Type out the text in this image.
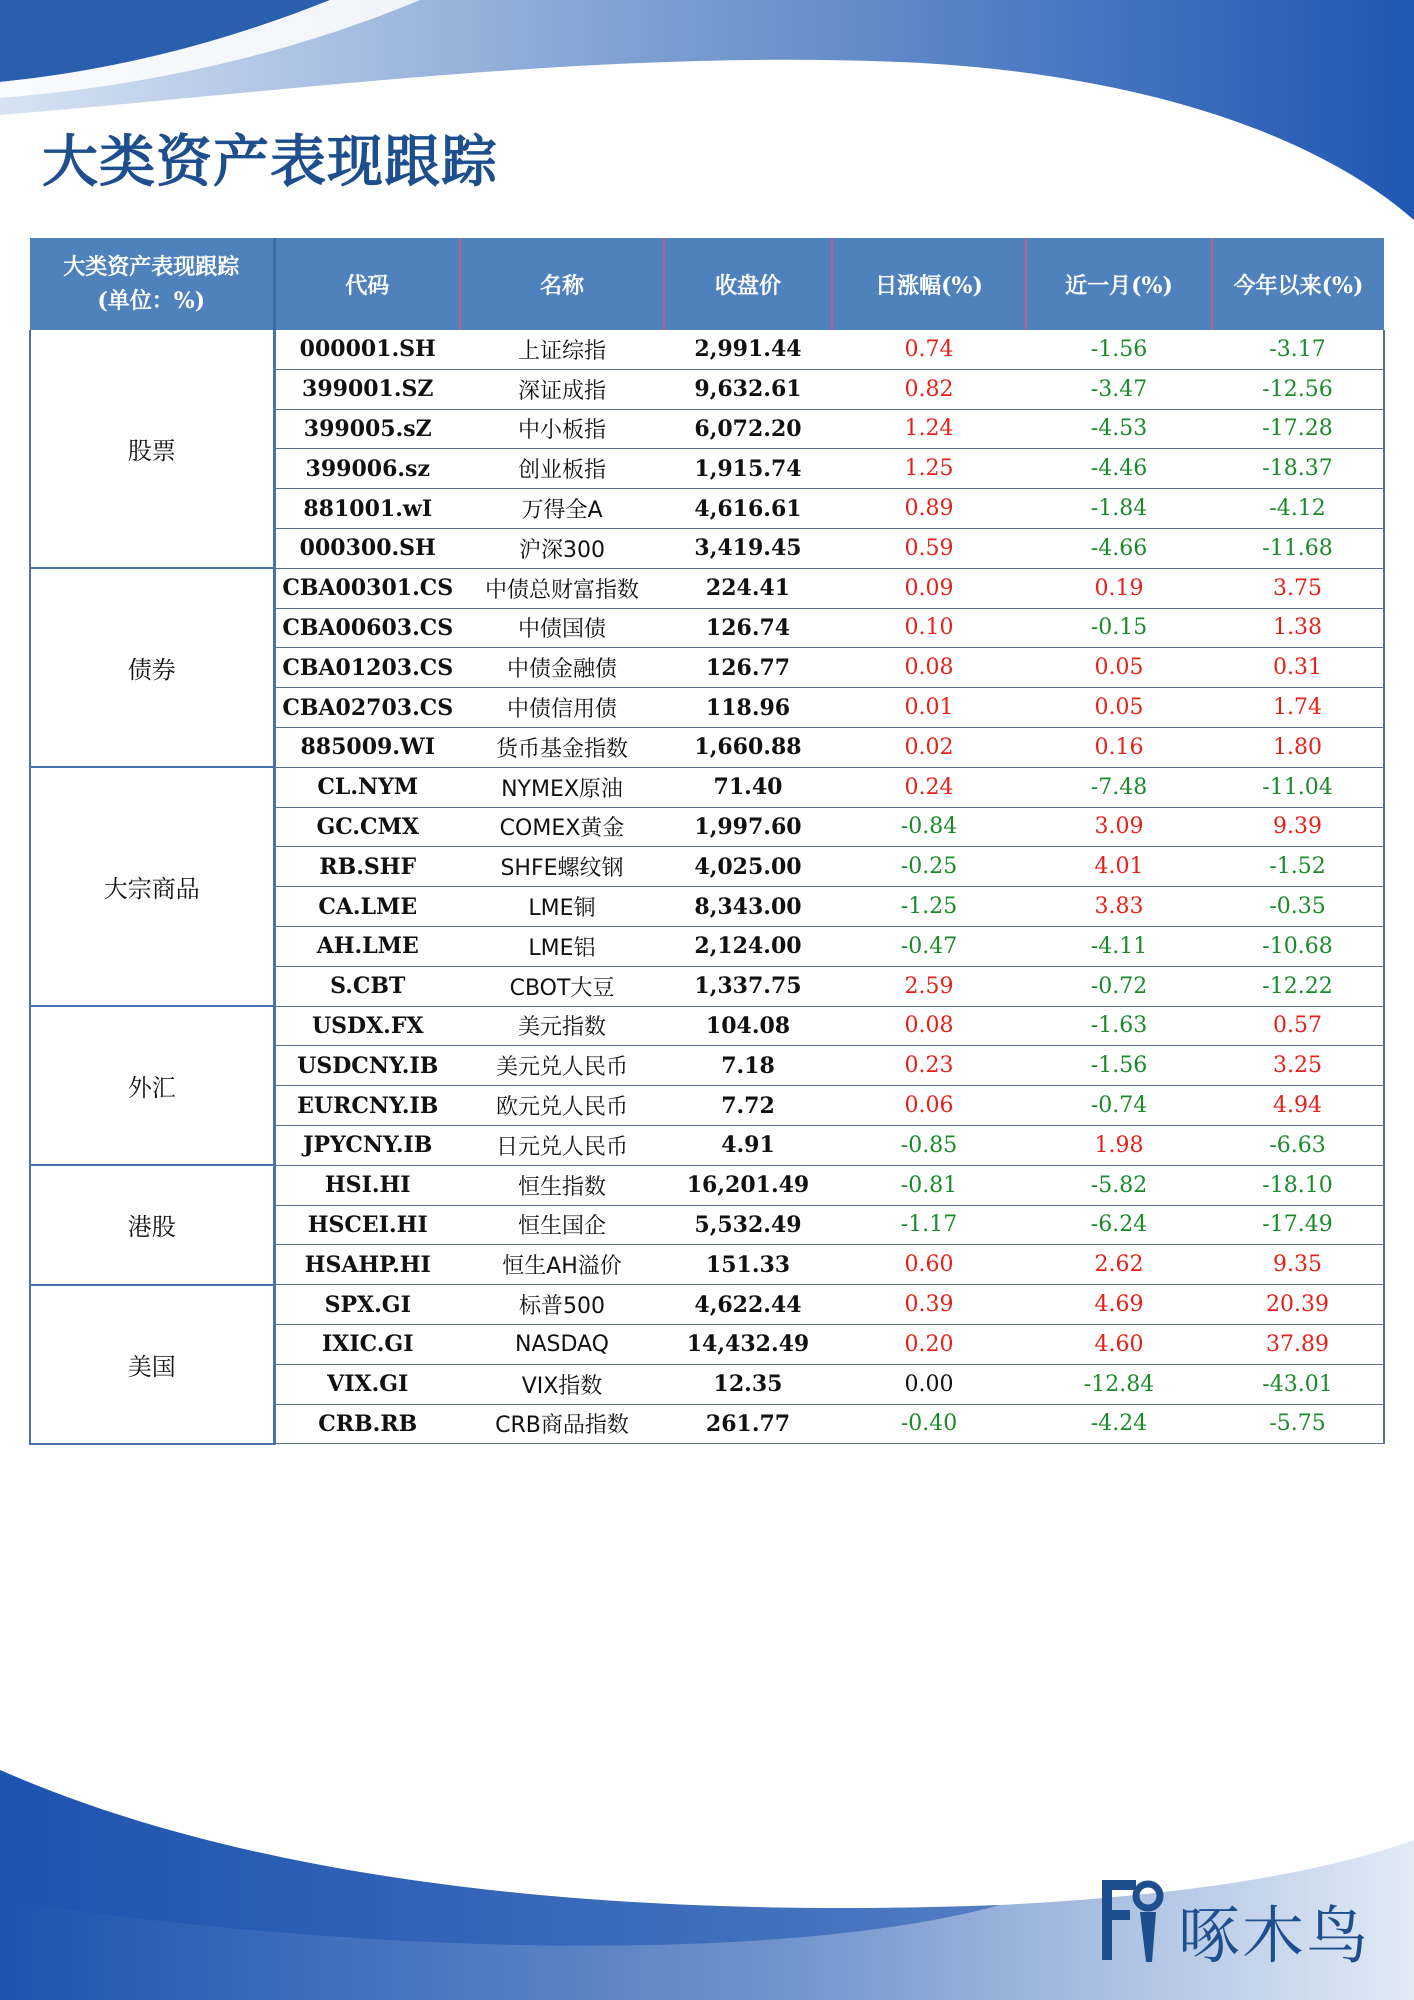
大类资产表现跟踪
大类资产表现跟踪
(单位：%)	代码	名称	收盘价	日涨幅(%)	近一月(%)	今年以来(%)
股票	000001.SH	上证综指	2,991.44	0.74	-1.56	-3.17
	399001.SZ	深证成指	9,632.61	0.82	-3.47	-12.56
	399005.sZ	中小板指	6,072.20	1.24	-4.53	-17.28
	399006.sz	创业板指	1,915.74	1.25	-4.46	-18.37
	881001.wI	万得全A	4,616.61	0.89	-1.84	-4.12
	000300.SH	沪深300	3,419.45	0.59	-4.66	-11.68
债券	CBA00301.CS	中债总财富指数	224.41	0.09	0.19	3.75
	CBA00603.CS	中债国债	126.74	0.10	-0.15	1.38
	CBA01203.CS	中债金融债	126.77	0.08	0.05	0.31
	CBA02703.CS	中债信用债	118.96	0.01	0.05	1.74
	885009.WI	货币基金指数	1,660.88	0.02	0.16	1.80
大宗商品	CL.NYM	NYMEX原油	71.40	0.24	-7.48	-11.04
	GC.CMX	COMEX黄金	1,997.60	-0.84	3.09	9.39
	RB.SHF	SHFE螺纹钢	4,025.00	-0.25	4.01	-1.52
	CA.LME	LME铜	8,343.00	-1.25	3.83	-0.35
	AH.LME	LME铝	2,124.00	-0.47	-4.11	-10.68
	S.CBT	CBOT大豆	1,337.75	2.59	-0.72	-12.22
外汇	USDX.FX	美元指数	104.08	0.08	-1.63	0.57
	USDCNY.IB	美元兑人民币	7.18	0.23	-1.56	3.25
	EURCNY.IB	欧元兑人民币	7.72	0.06	-0.74	4.94
	JPYCNY.IB	日元兑人民币	4.91	-0.85	1.98	-6.63
港股	HSI.HI	恒生指数	16,201.49	-0.81	-5.82	-18.10
	HSCEI.HI	恒生国企	5,532.49	-1.17	-6.24	-17.49
	HSAHP.HI	恒生AH溢价	151.33	0.60	2.62	9.35
美国	SPX.GI	标普500	4,622.44	0.39	4.69	20.39
	IXIC.GI	NASDAQ	14,432.49	0.20	4.60	37.89
	VIX.GI	VIX指数	12.35	0.00	-12.84	-43.01
	CRB.RB	CRB商品指数	261.77	-0.40	-4.24	-5.75
啄木鸟
